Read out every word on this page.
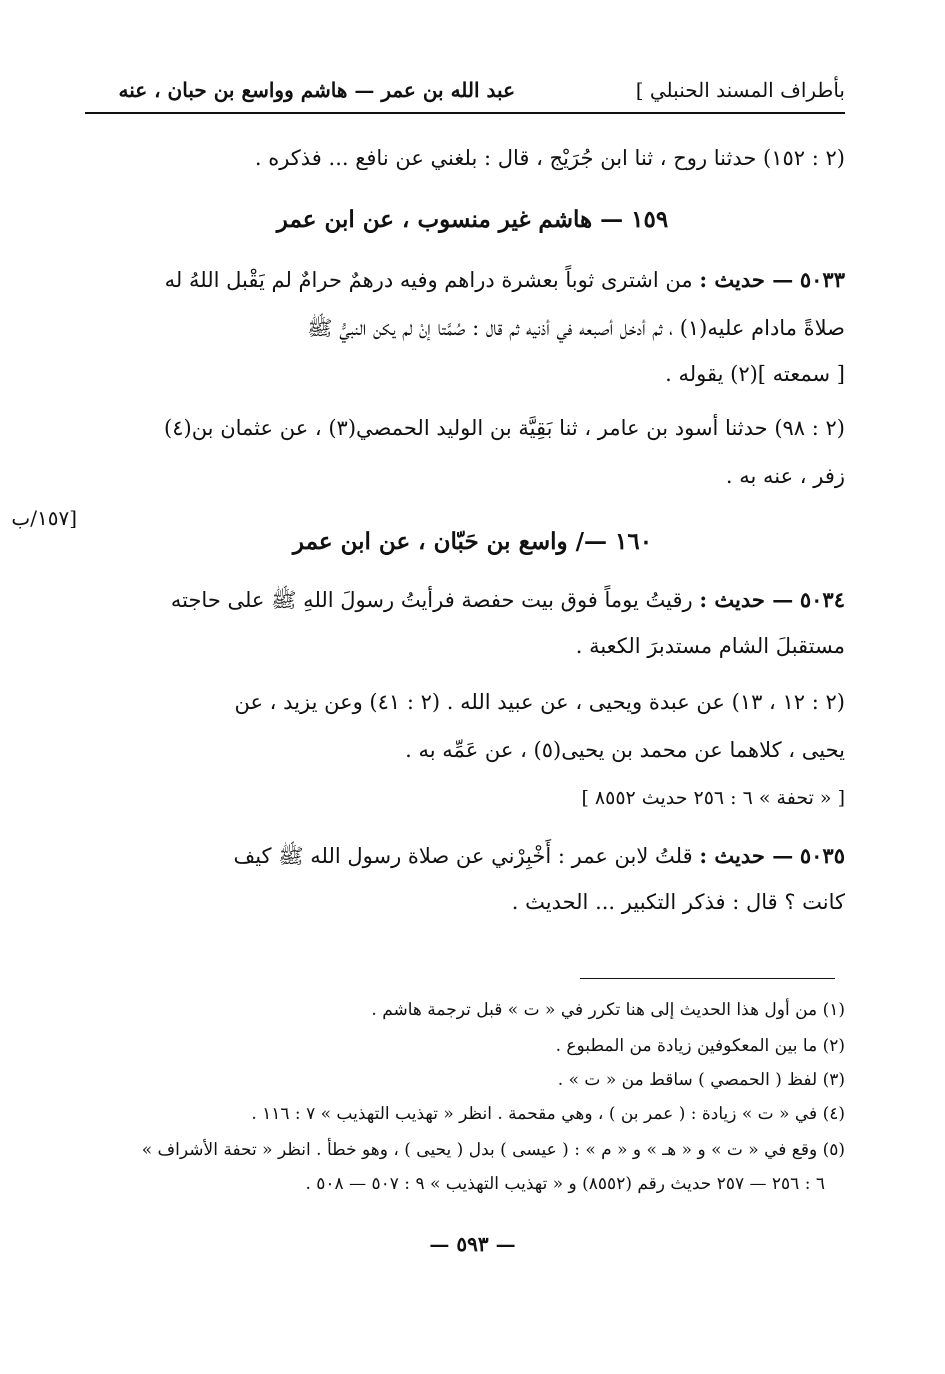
بأطراف المسند الحنبلي ]
عبد الله بن عمر — هاشم وواسع بن حبان ، عنه
(٢ : ١٥٢) حدثنا روح ، ثنا ابن جُرَيْج ، قال : بلغني عن نافع ... فذكره .
١٥٩ — هاشم غير منسوب ، عن ابن عمر
٥٠٣٣ — حديث : من اشترى ثوباً بعشرة دراهم وفيه درهمٌ حرامٌ لم يَقْبل اللهُ له
صلاةً مادام عليه(١) ، ثم أدخل أصبعه في أذنيه ثم قال : صُمَّتا إنْ لم يكن النبيُّ ﷺ
[ سمعته ](٢) يقوله .
(٢ : ٩٨) حدثنا أسود بن عامر ، ثنا بَقِيَّة بن الوليد الحمصي(٣) ، عن عثمان بن(٤)
زفر ، عنه به .
[١٥٧/ب
١٦٠ —/ واسع بن حَبّان ، عن ابن عمر
٥٠٣٤ — حديث : رقيتُ يوماً فوق بيت حفصة فرأيتُ رسولَ اللهِ ﷺ على حاجته
مستقبلَ الشام مستدبرَ الكعبة .
(٢ : ١٢ ، ١٣) عن عبدة ويحيى ، عن عبيد الله . (٢ : ٤١) وعن يزيد ، عن
يحيى ، كلاهما عن محمد بن يحيى(٥) ، عن عَمِّه به .
[ « تحفة » ٦ : ٢٥٦ حديث ٨٥٥٢ ]
٥٠٣٥ — حديث : قلتُ لابن عمر : أَخْبِرْني عن صلاة رسول الله ﷺ كيف
كانت ؟ قال : فذكر التكبير ... الحديث .
(١) من أول هذا الحديث إلى هنا تكرر في « ت » قبل ترجمة هاشم .
(٢) ما بين المعكوفين زيادة من المطبوع .
(٣) لفظ ( الحمصي ) ساقط من « ت » .
(٤) في « ت » زيادة : ( عمر بن ) ، وهي مقحمة . انظر « تهذيب التهذيب » ٧ : ١١٦ .
(٥) وقع في « ت » و « هـ » و « م » : ( عيسى ) بدل ( يحيى ) ، وهو خطأ . انظر « تحفة الأشراف »
٦ : ٢٥٦ — ٢٥٧ حديث رقم (٨٥٥٢) و « تهذيب التهذيب » ٩ : ٥٠٧ — ٥٠٨ .
— ٥٩٣ —
